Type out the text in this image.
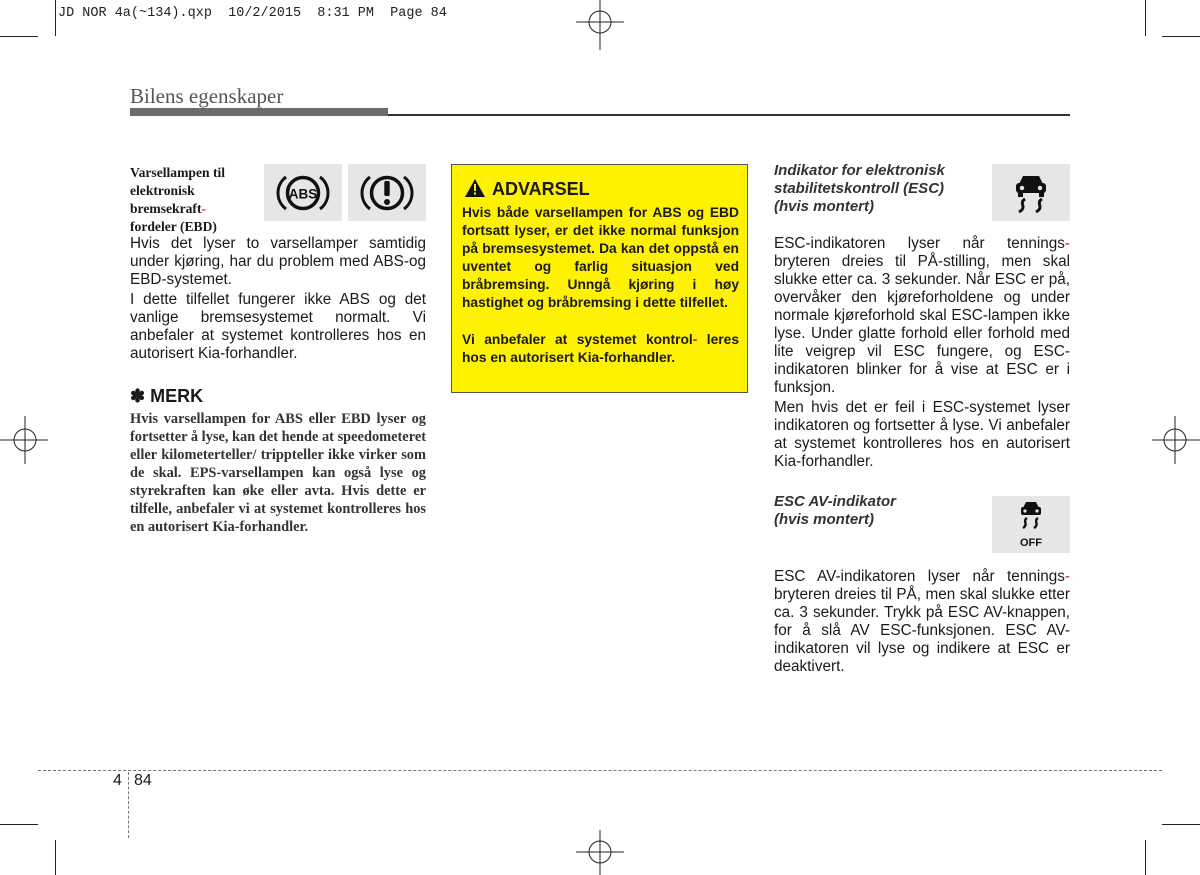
JD NOR 4a(~134).qxp  10/2/2015  8:31 PM  Page 84
Bilens egenskaper
Varsellampen til
elektronisk
bremsekraft-
fordeler (EBD)
ABS

Hvis det lyser to varsellamper samtidig under kjøring, har du problem med ABS-og EBD-systemet.

I dette tilfellet fungerer ikke ABS og det vanlige bremsesystemet normalt. Vi anbefaler at systemet kontrolleres hos en autorisert Kia-forhandler.

✽ MERK

Hvis varsellampen for ABS eller EBD lyser og fortsetter å lyse, kan det hende at speedometeret eller kilometerteller/ trippteller ikke virker som de skal. EPS-varsellampen kan også lyse og styrekraften kan øke eller avta. Hvis dette er tilfelle, anbefaler vi at systemet kontrolleres hos en autorisert Kia-forhandler.

ADVARSEL

Hvis både varsellampen for ABS og EBD fortsatt lyser, er det ikke normal funksjon på bremsesystemet. Da kan det oppstå en uventet og farlig situasjon ved bråbremsing. Unngå kjøring i høy hastighet og bråbremsing i dette tilfellet.

Vi anbefaler at systemet kontrol- leres hos en autorisert Kia-forhandler.

Indikator for elektronisk
stabilitetskontroll (ESC)
(hvis montert)

ESC-indikatoren lyser når tennings- bryteren dreies til PÅ-stilling, men skal slukke etter ca. 3 sekunder. Når ESC er på, overvåker den kjøreforholdene og under normale kjøreforhold skal ESC-lampen ikke lyse. Under glatte forhold eller forhold med lite veigrep vil ESC fungere, og ESC-indikatoren blinker for å vise at ESC er i funksjon.

Men hvis det er feil i ESC-systemet lyser indikatoren og fortsetter å lyse. Vi anbefaler at systemet kontrolleres hos en autorisert Kia-forhandler.

ESC AV-indikator
(hvis montert)
OFF

ESC AV-indikatoren lyser når tennings- bryteren dreies til PÅ, men skal slukke etter ca. 3 sekunder. Trykk på ESC AV-knappen, for å slå AV ESC-funksjonen. ESC AV-indikatoren vil lyse og indikere at ESC er deaktivert.

4 84
